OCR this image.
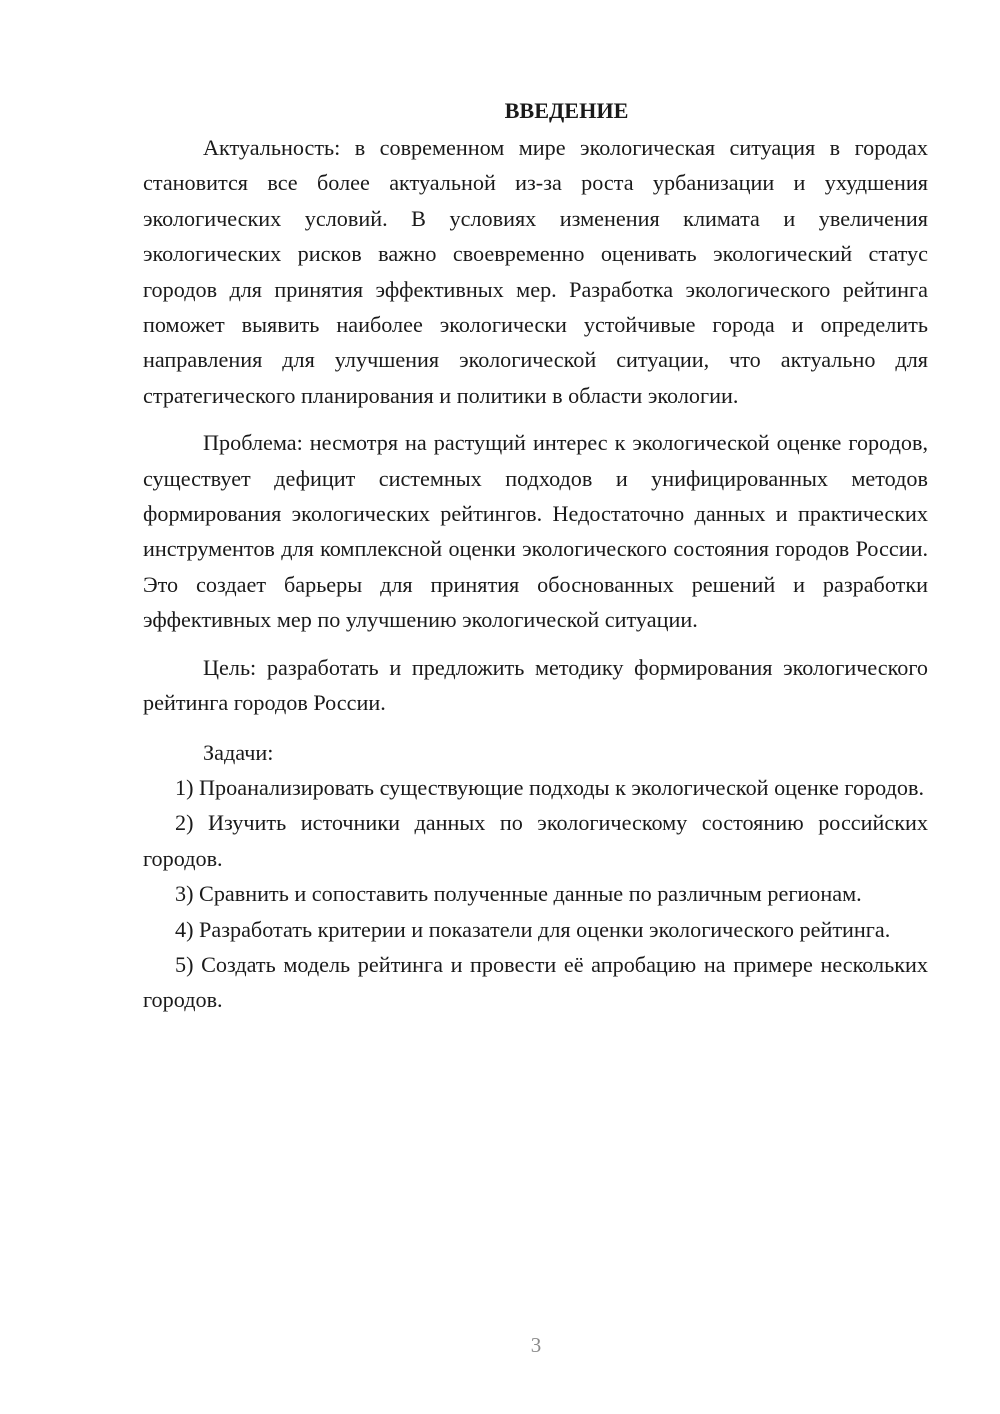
ВВЕДЕНИЕ

Актуальность: в современном мире экологическая ситуация в городах становится все более актуальной из-за роста урбанизации и ухудшения экологических условий. В условиях изменения климата и увеличения экологических рисков важно своевременно оценивать экологический статус городов для принятия эффективных мер. Разработка экологического рейтинга поможет выявить наиболее экологически устойчивые города и определить направления для улучшения экологической ситуации, что актуально для стратегического планирования и политики в области экологии.

Проблема: несмотря на растущий интерес к экологической оценке городов, существует дефицит системных подходов и унифицированных методов формирования экологических рейтингов. Недостаточно данных и практических инструментов для комплексной оценки экологического состояния городов России. Это создает барьеры для принятия обоснованных решений и разработки эффективных мер по улучшению экологической ситуации.

Цель: разработать и предложить методику формирования экологического рейтинга городов России.

Задачи:

1) Проанализировать существующие подходы к экологической оценке городов.

2) Изучить источники данных по экологическому состоянию российских городов.

3) Сравнить и сопоставить полученные данные по различным регионам.

4) Разработать критерии и показатели для оценки экологического рейтинга.

5) Создать модель рейтинга и провести её апробацию на примере нескольких городов.

3
